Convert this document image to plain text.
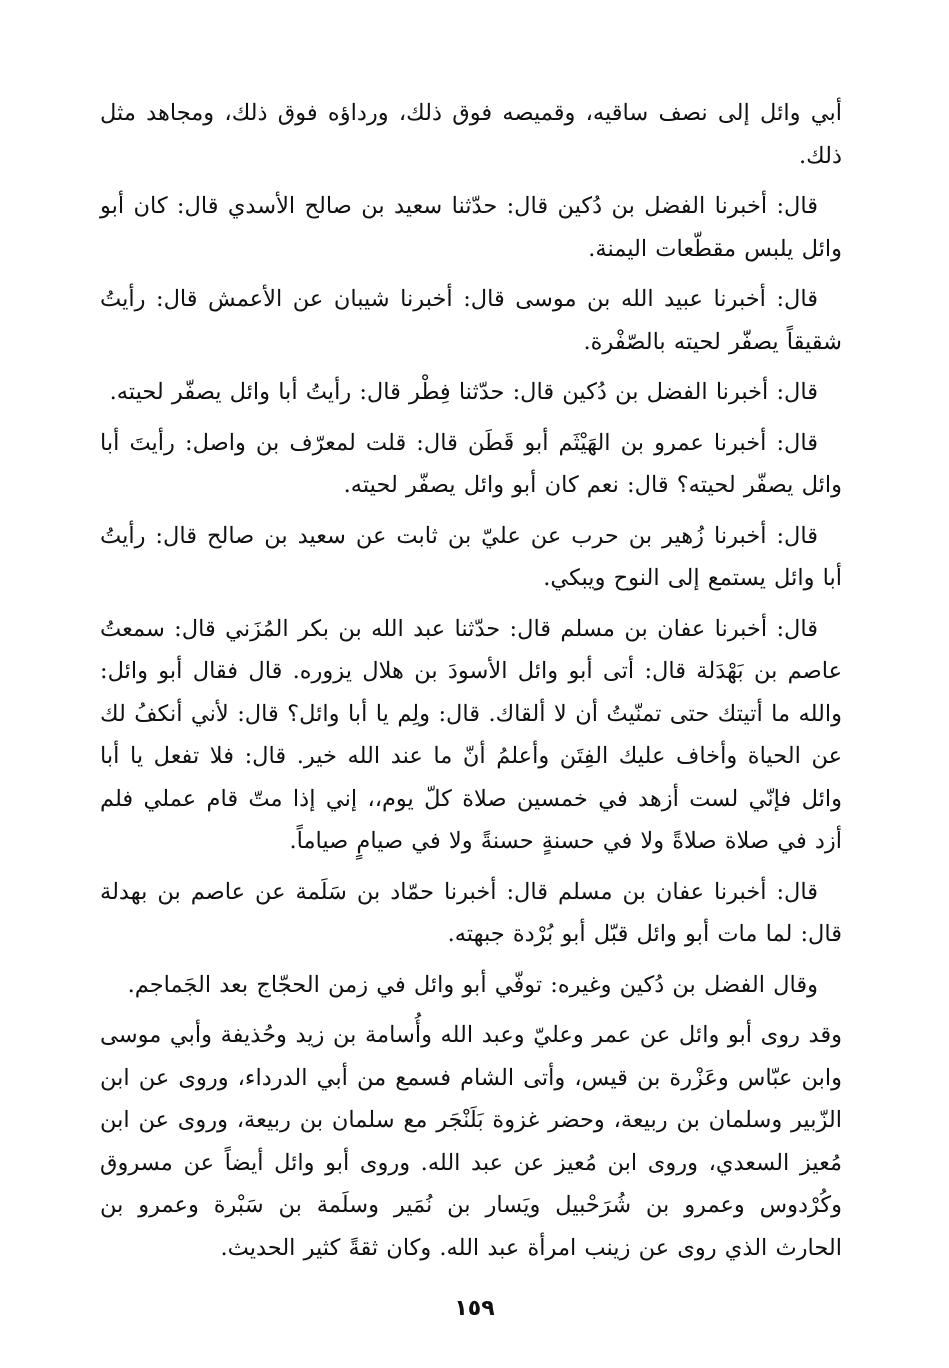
أبي وائل إلى نصف ساقيه، وقميصه فوق ذلك، ورداؤه فوق ذلك، ومجاهد مثل ذلك.

قال: أخبرنا الفضل بن دُكين قال: حدّثنا سعيد بن صالح الأسدي قال: كان أبو وائل يلبس مقطّعات اليمنة.

قال: أخبرنا عبيد الله بن موسى قال: أخبرنا شيبان عن الأعمش قال: رأيتُ شقيقاً يصفّر لحيته بالصّفْرة.

قال: أخبرنا الفضل بن دُكين قال: حدّثنا فِطْر قال: رأيتُ أبا وائل يصفّر لحيته.

قال: أخبرنا عمرو بن الهَيْثَم أبو قَطَن قال: قلت لمعرّف بن واصل: رأيتَ أبا وائل يصفّر لحيته؟ قال: نعم كان أبو وائل يصفّر لحيته.

قال: أخبرنا زُهير بن حرب عن عليّ بن ثابت عن سعيد بن صالح قال: رأيتُ أبا وائل يستمع إلى النوح ويبكي.

قال: أخبرنا عفان بن مسلم قال: حدّثنا عبد الله بن بكر المُزَني قال: سمعتُ عاصم بن بَهْدَلة قال: أتى أبو وائل الأسودَ بن هلال يزوره. قال فقال أبو وائل: والله ما أتيتك حتى تمنّيتُ أن لا ألقاك. قال: ولِم يا أبا وائل؟ قال: لأني أنكفُ لك عن الحياة وأخاف عليك الفِتَن وأعلمُ أنّ ما عند الله خير. قال: فلا تفعل يا أبا وائل فإنّي لست أزهد في خمسين صلاة كلّ يوم،، إني إذا متّ قام عملي فلم أزد في صلاة صلاةً ولا في حسنةٍ حسنةً ولا في صيامٍ صياماً.

قال: أخبرنا عفان بن مسلم قال: أخبرنا حمّاد بن سَلَمة عن عاصم بن بهدلة قال: لما مات أبو وائل قبّل أبو بُرْدة جبهته.

وقال الفضل بن دُكين وغيره: توفّي أبو وائل في زمن الحجّاج بعد الجَماجم.

وقد روى أبو وائل عن عمر وعليّ وعبد الله وأُسامة بن زيد وحُذيفة وأبي موسى وابن عبّاس وعَزْرة بن قيس، وأتى الشام فسمع من أبي الدرداء، وروى عن ابن الزّبير وسلمان بن ربيعة، وحضر غزوة بَلَنْجَر مع سلمان بن ربيعة، وروى عن ابن مُعيز السعدي، وروى ابن مُعيز عن عبد الله. وروى أبو وائل أيضاً عن مسروق وكُرْدوس وعمرو بن شُرَحْبيل ويَسار بن نُمَير وسلَمة بن سَبْرة وعمرو بن الحارث الذي روى عن زينب امرأة عبد الله. وكان ثقةً كثير الحديث.

١٥٩
